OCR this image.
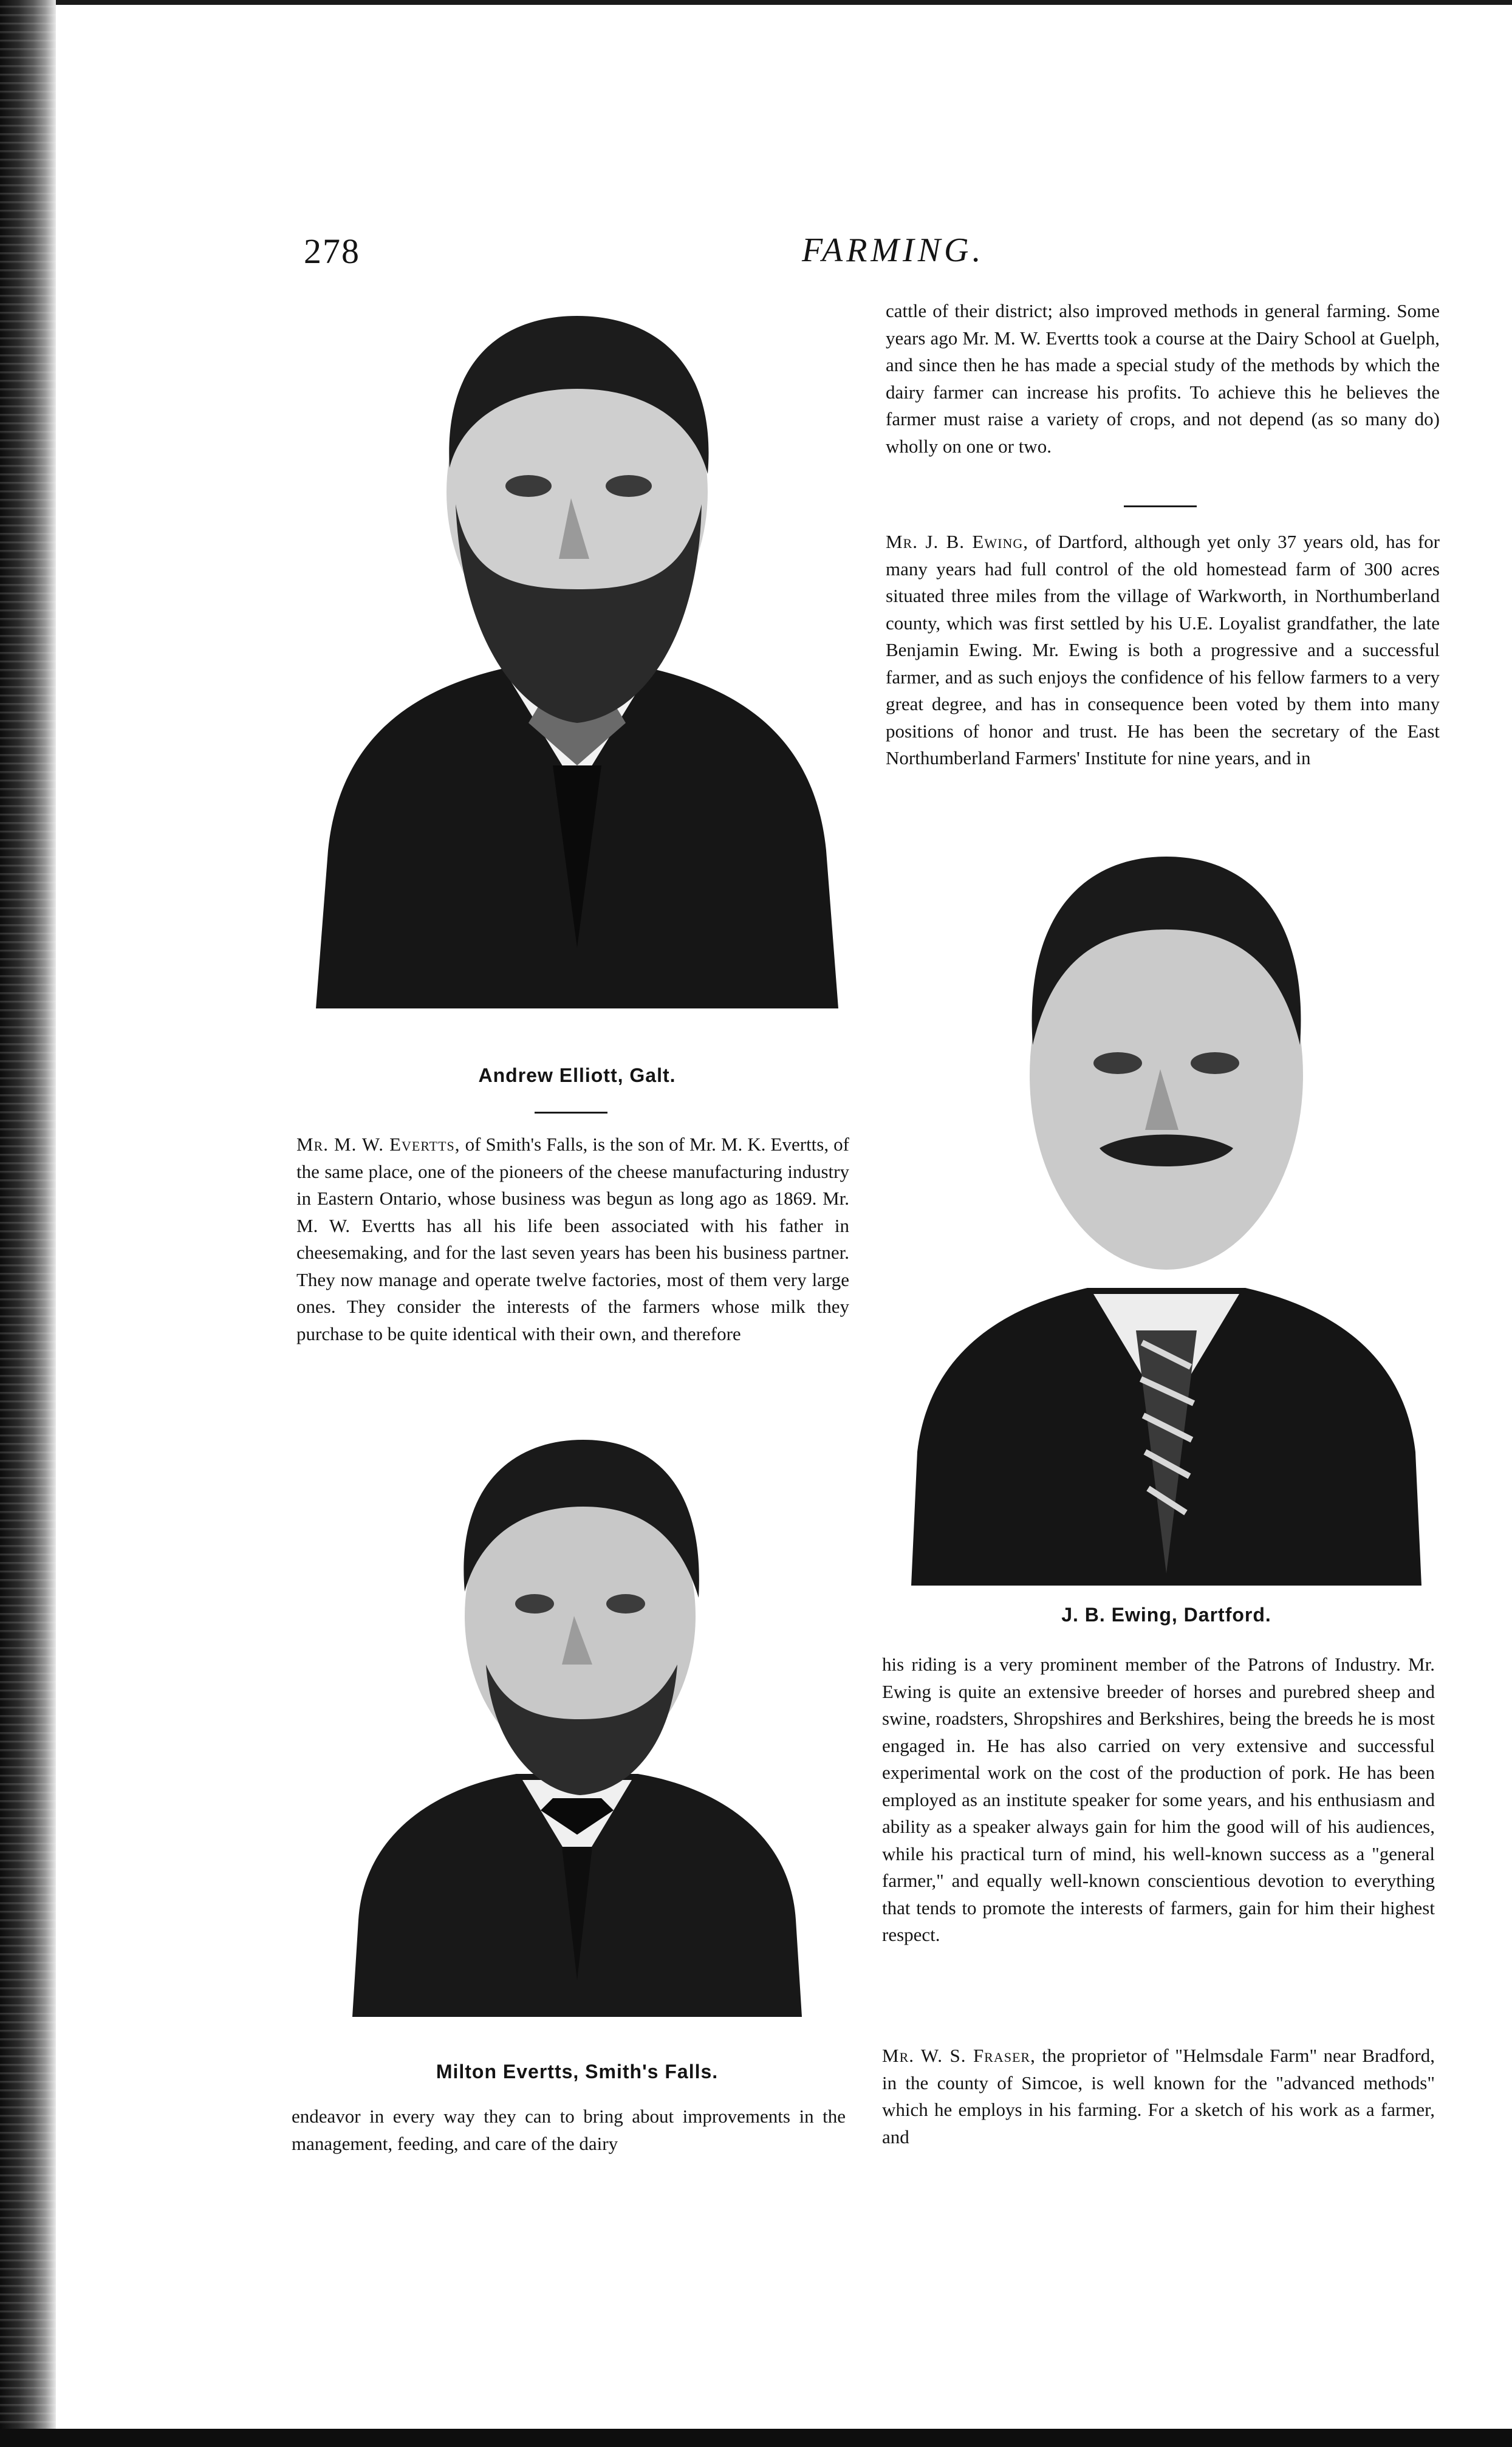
278	FARMING.
Andrew Elliott, Galt.

Mr. M. W. Evertts, of Smith's Falls, is the son of Mr. M. K. Evertts, of the same place, one of the pioneers of the cheese manufacturing industry in Eastern Ontario, whose business was begun as long ago as 1869. Mr. M. W. Evertts has all his life been associated with his father in cheesemaking, and for the last seven years has been his business partner. They now manage and operate twelve factories, most of them very large ones. They consider the interests of the farmers whose milk they purchase to be quite identical with their own, and therefore

Milton Evertts, Smith's Falls.

endeavor in every way they can to bring about improvements in the management, feeding, and care of the dairy

cattle of their district; also improved methods in general farming. Some years ago Mr. M. W. Evertts took a course at the Dairy School at Guelph, and since then he has made a special study of the methods by which the dairy farmer can increase his profits. To achieve this he believes the farmer must raise a variety of crops, and not depend (as so many do) wholly on one or two.

Mr. J. B. Ewing, of Dartford, although yet only 37 years old, has for many years had full control of the old homestead farm of 300 acres situated three miles from the village of Warkworth, in Northumberland county, which was first settled by his U.E. Loyalist grandfather, the late Benjamin Ewing. Mr. Ewing is both a progressive and a successful farmer, and as such enjoys the confidence of his fellow farmers to a very great degree, and has in consequence been voted by them into many positions of honor and trust. He has been the secretary of the East Northumberland Farmers' Institute for nine years, and in

J. B. Ewing, Dartford.

his riding is a very prominent member of the Patrons of Industry. Mr. Ewing is quite an extensive breeder of horses and purebred sheep and swine, roadsters, Shropshires and Berkshires, being the breeds he is most engaged in. He has also carried on very extensive and successful experimental work on the cost of the production of pork. He has been employed as an institute speaker for some years, and his enthusiasm and ability as a speaker always gain for him the good will of his audiences, while his practical turn of mind, his well-known success as a "general farmer," and equally well-known conscientious devotion to everything that tends to promote the interests of farmers, gain for him their highest respect.

Mr. W. S. Fraser, the proprietor of "Helmsdale Farm" near Bradford, in the county of Simcoe, is well known for the "advanced methods" which he employs in his farming. For a sketch of his work as a farmer, and
